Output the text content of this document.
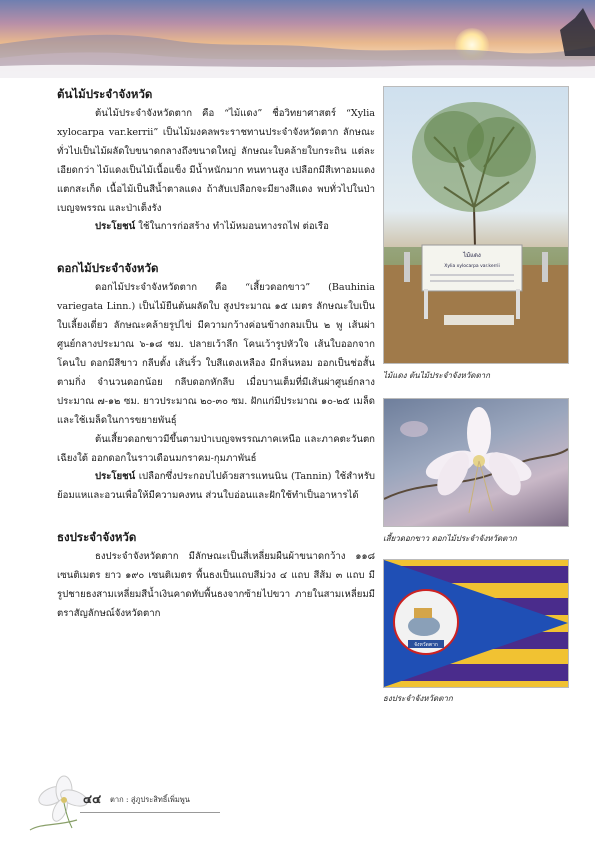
ต้นไม้ประจำจังหวัด

ต้นไม้ประจำจังหวัดตาก คือ “ไม้แดง” ชื่อวิทยาศาสตร์ “Xylia xylocarpa var.kerrii” เป็นไม้มงคลพระราชทานประจำจังหวัดตาก ลักษณะทั่วไปเป็นไม้ผลัดใบขนาดกลางถึงขนาดใหญ่ ลักษณะใบคล้ายใบกระถิน แต่ละเอียดกว่า ไม้แดงเป็นไม้เนื้อแข็ง มีน้ำหนักมาก ทนทานสูง เปลือกมีสีเทาอมแดง แตกสะเก็ด เนื้อไม้เป็นสีน้ำตาลแดง ถ้าสับเปลือกจะมียางสีแดง พบทั่วไปในป่าเบญจพรรณ และป่าเต็งรัง

ประโยชน์ ใช้ในการก่อสร้าง ทำไม้หมอนทางรถไฟ ต่อเรือ

ดอกไม้ประจำจังหวัด

ดอกไม้ประจำจังหวัดตาก คือ “เสี้ยวดอกขาว” (Bauhinia variegata Linn.) เป็นไม้ยืนต้นผลัดใบ สูงประมาณ ๑๕ เมตร ลักษณะใบเป็นใบเลี้ยงเดี่ยว ลักษณะคล้ายรูปไข่ มีความกว้างค่อนข้างกลมเป็น ๒ พู เส้นผ่าศูนย์กลางประมาณ ๖-๑๘ ซม. ปลายเว้าลึก โคนเว้ารูปหัวใจ เส้นใบออกจากโคนใบ ดอกมีสีขาว กลีบตั้ง เส้นริ้ว ใบสีแดงเหลือง มีกลิ่นหอม ออกเป็นช่อสั้นตามกิ่ง จำนวนดอกน้อย กลีบดอกหักลีบ เมื่อบานเต็มที่มีเส้นผ่าศูนย์กลางประมาณ ๗-๑๒ ซม. ยาวประมาณ ๒๐-๓๐ ซม. ฝักแก่มีประมาณ ๑๐-๒๕ เมล็ด และใช้เมล็ดในการขยายพันธุ์

ต้นเสี้ยวดอกขาวมีขึ้นตามป่าเบญจพรรณภาคเหนือ และภาคตะวันตกเฉียงใต้ ออกดอกในราวเดือนมกราคม-กุมภาพันธ์

ประโยชน์ เปลือกซึ่งประกอบไปด้วยสารแทนนิน (Tannin) ใช้สำหรับย้อมแหและอวนเพื่อให้มีความคงทน ส่วนใบอ่อนและฝักใช้ทำเป็นอาหารได้

ธงประจำจังหวัด

ธงประจำจังหวัดตาก มีลักษณะเป็นสี่เหลี่ยมผืนผ้าขนาดกว้าง ๑๑๘ เซนติเมตร ยาว ๑๙๐ เซนติเมตร พื้นธงเป็นแถบสีม่วง ๔ แถบ สีส้ม ๓ แถบ มีรูปชายธงสามเหลี่ยมสีน้ำเงินคาดทับพื้นธงจากซ้ายไปขวา ภายในสามเหลี่ยมมีตราสัญลักษณ์จังหวัดตาก

ไม้แดง
Xylia xylocarpa var.kerrii
ไม้แดง ต้นไม้ประจำจังหวัดตาก
เสี้ยวดอกขาว ดอกไม้ประจำจังหวัดตาก
จังหวัดตาก
ธงประจำจังหวัดตาก
๔๔ ตาก : สู่ภูประสิทธิ์เพิ่มพูน
